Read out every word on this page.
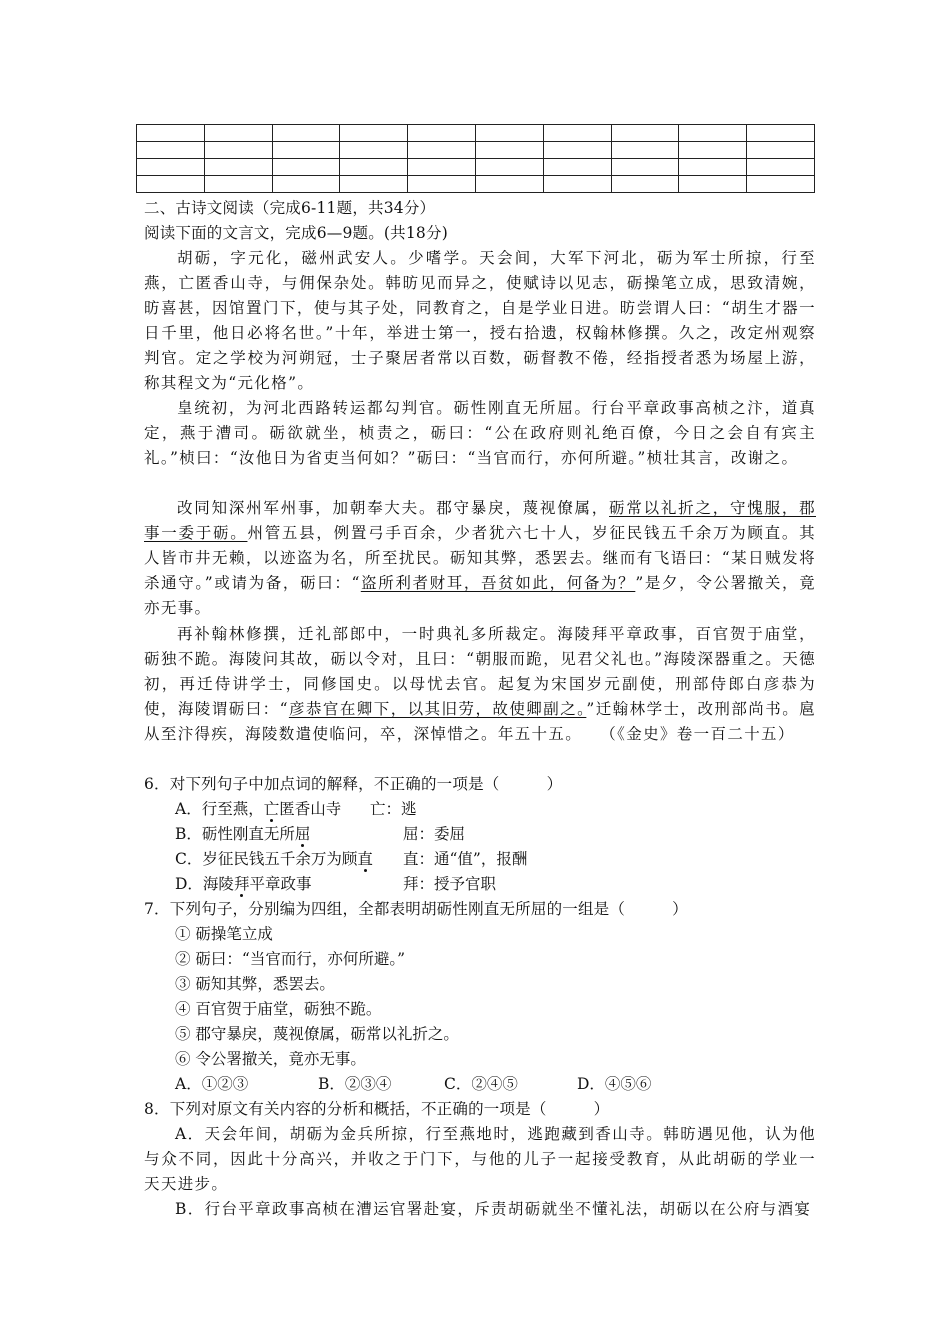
二、古诗文阅读（完成6-11题，共34分）
阅读下面的文言文，完成6—9题。(共18分)
胡砺，字元化，磁州武安人。少嗜学。天会间，大军下河北，砺为军士所掠，行至燕，亡匿香山寺，与佣保杂处。韩昉见而异之，使赋诗以见志，砺操笔立成，思致清婉，昉喜甚，因馆置门下，使与其子处，同教育之，自是学业日进。昉尝谓人曰：“胡生才器一日千里，他日必将名世。”十年，举进士第一，授右拾遗，权翰林修撰。久之，改定州观察判官。定之学校为河朔冠，士子聚居者常以百数，砺督教不倦，经指授者悉为场屋上游，称其程文为“元化格”。
皇统初，为河北西路转运都勾判官。砺性刚直无所屈。行台平章政事高桢之汴，道真定，燕于漕司。砺欲就坐，桢责之，砺曰：“公在政府则礼绝百僚，今日之会自有宾主礼。”桢曰：“汝他日为省吏当何如？”砺曰：“当官而行，亦何所避。”桢壮其言，改谢之。
改同知深州军州事，加朝奉大夫。郡守暴戾，蔑视僚属，砺常以礼折之，守愧服，郡事一委于砺。州管五县，例置弓手百余，少者犹六七十人，岁征民钱五千余万为顾直。其人皆市井无赖，以迹盗为名，所至扰民。砺知其弊，悉罢去。继而有飞语曰：“某日贼发将杀通守。”或请为备，砺曰：“盗所利者财耳，吾贫如此，何备为？”是夕，令公署撤关，竟亦无事。
再补翰林修撰，迁礼部郎中，一时典礼多所裁定。海陵拜平章政事，百官贺于庙堂，砺独不跪。海陵问其故，砺以令对，且曰：“朝服而跪，见君父礼也。”海陵深器重之。天德初，再迁侍讲学士，同修国史。以母忧去官。起复为宋国岁元副使，刑部侍郎白彦恭为使，海陵谓砺曰：“彦恭官在卿下，以其旧劳，故使卿副之。”迁翰林学士，改刑部尚书。扈从至汴得疾，海陵数遣使临问，卒，深悼惜之。年五十五。　　（《金史》卷一百二十五）
6．对下列句子中加点词的解释，不正确的一项是（　　　）
A．行至燕，亡匿香山寺 亡：逃
B．砺性刚直无所屈	屈：委屈
C．岁征民钱五千余万为顾直 直：通“值”，报酬
D．海陵拜平章政事	拜：授予官职
7．下列句子，分别编为四组，全都表明胡砺性刚直无所屈的一组是（　　　）
① 砺操笔立成
② 砺曰：“当官而行，亦何所避。”
③ 砺知其弊，悉罢去。
④ 百官贺于庙堂，砺独不跪。
⑤ 郡守暴戾，蔑视僚属，砺常以礼折之。
⑥ 令公署撤关，竟亦无事。
A．①②③	B．②③④	C．②④⑤	D．④⑤⑥
8．下列对原文有关内容的分析和概括，不正确的一项是（　　　）
A．天会年间，胡砺为金兵所掠，行至燕地时，逃跑藏到香山寺。韩昉遇见他，认为他与众不同，因此十分高兴，并收之于门下，与他的儿子一起接受教育，从此胡砺的学业一天天进步。
B．行台平章政事高桢在漕运官署赴宴，斥责胡砺就坐不懂礼法，胡砺以在公府与酒宴
